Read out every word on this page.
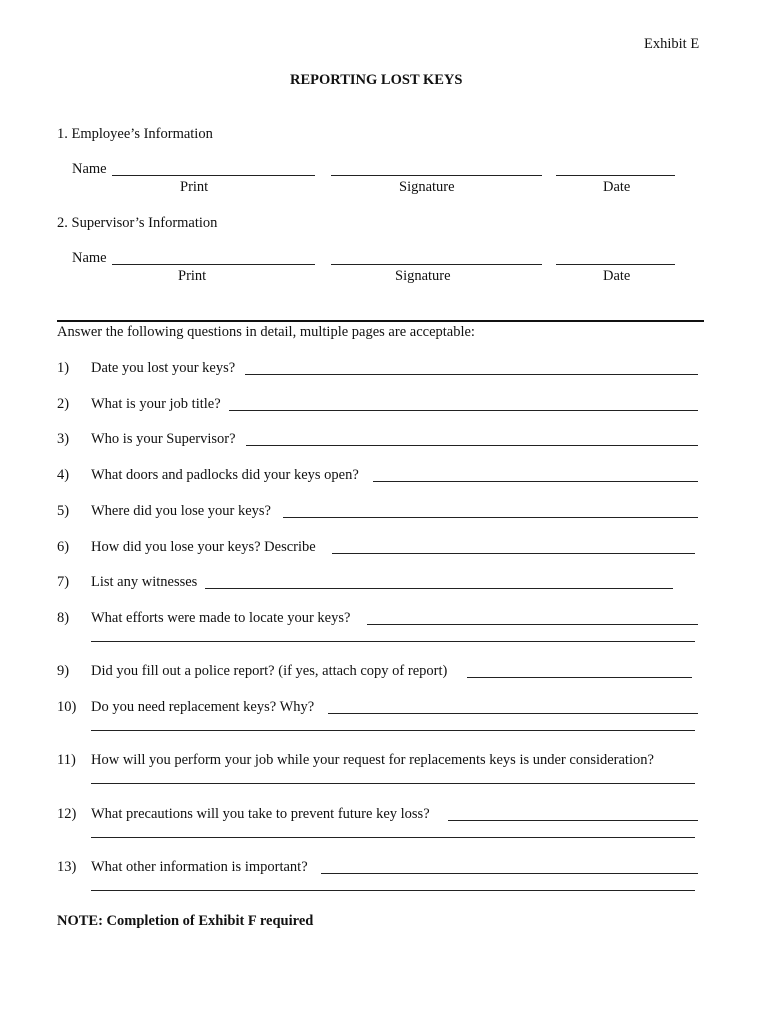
Exhibit E
REPORTING LOST KEYS
1. Employee’s Information
Name
Print	Signature	Date
2. Supervisor’s Information
Name
Print	Signature	Date
Answer the following questions in detail, multiple pages are acceptable:
1) Date you lost your keys?
2) What is your job title?
3) Who is your Supervisor?
4) What doors and padlocks did your keys open?
5) Where did you lose your keys?
6) How did you lose your keys? Describe
7) List any witnesses
8) What efforts were made to locate your keys?
9) Did you fill out a police report? (if yes, attach copy of report)
10) Do you need replacement keys? Why?
11) How will you perform your job while your request for replacements keys is under consideration?
12) What precautions will you take to prevent future key loss?
13) What other information is important?
NOTE: Completion of Exhibit F required
